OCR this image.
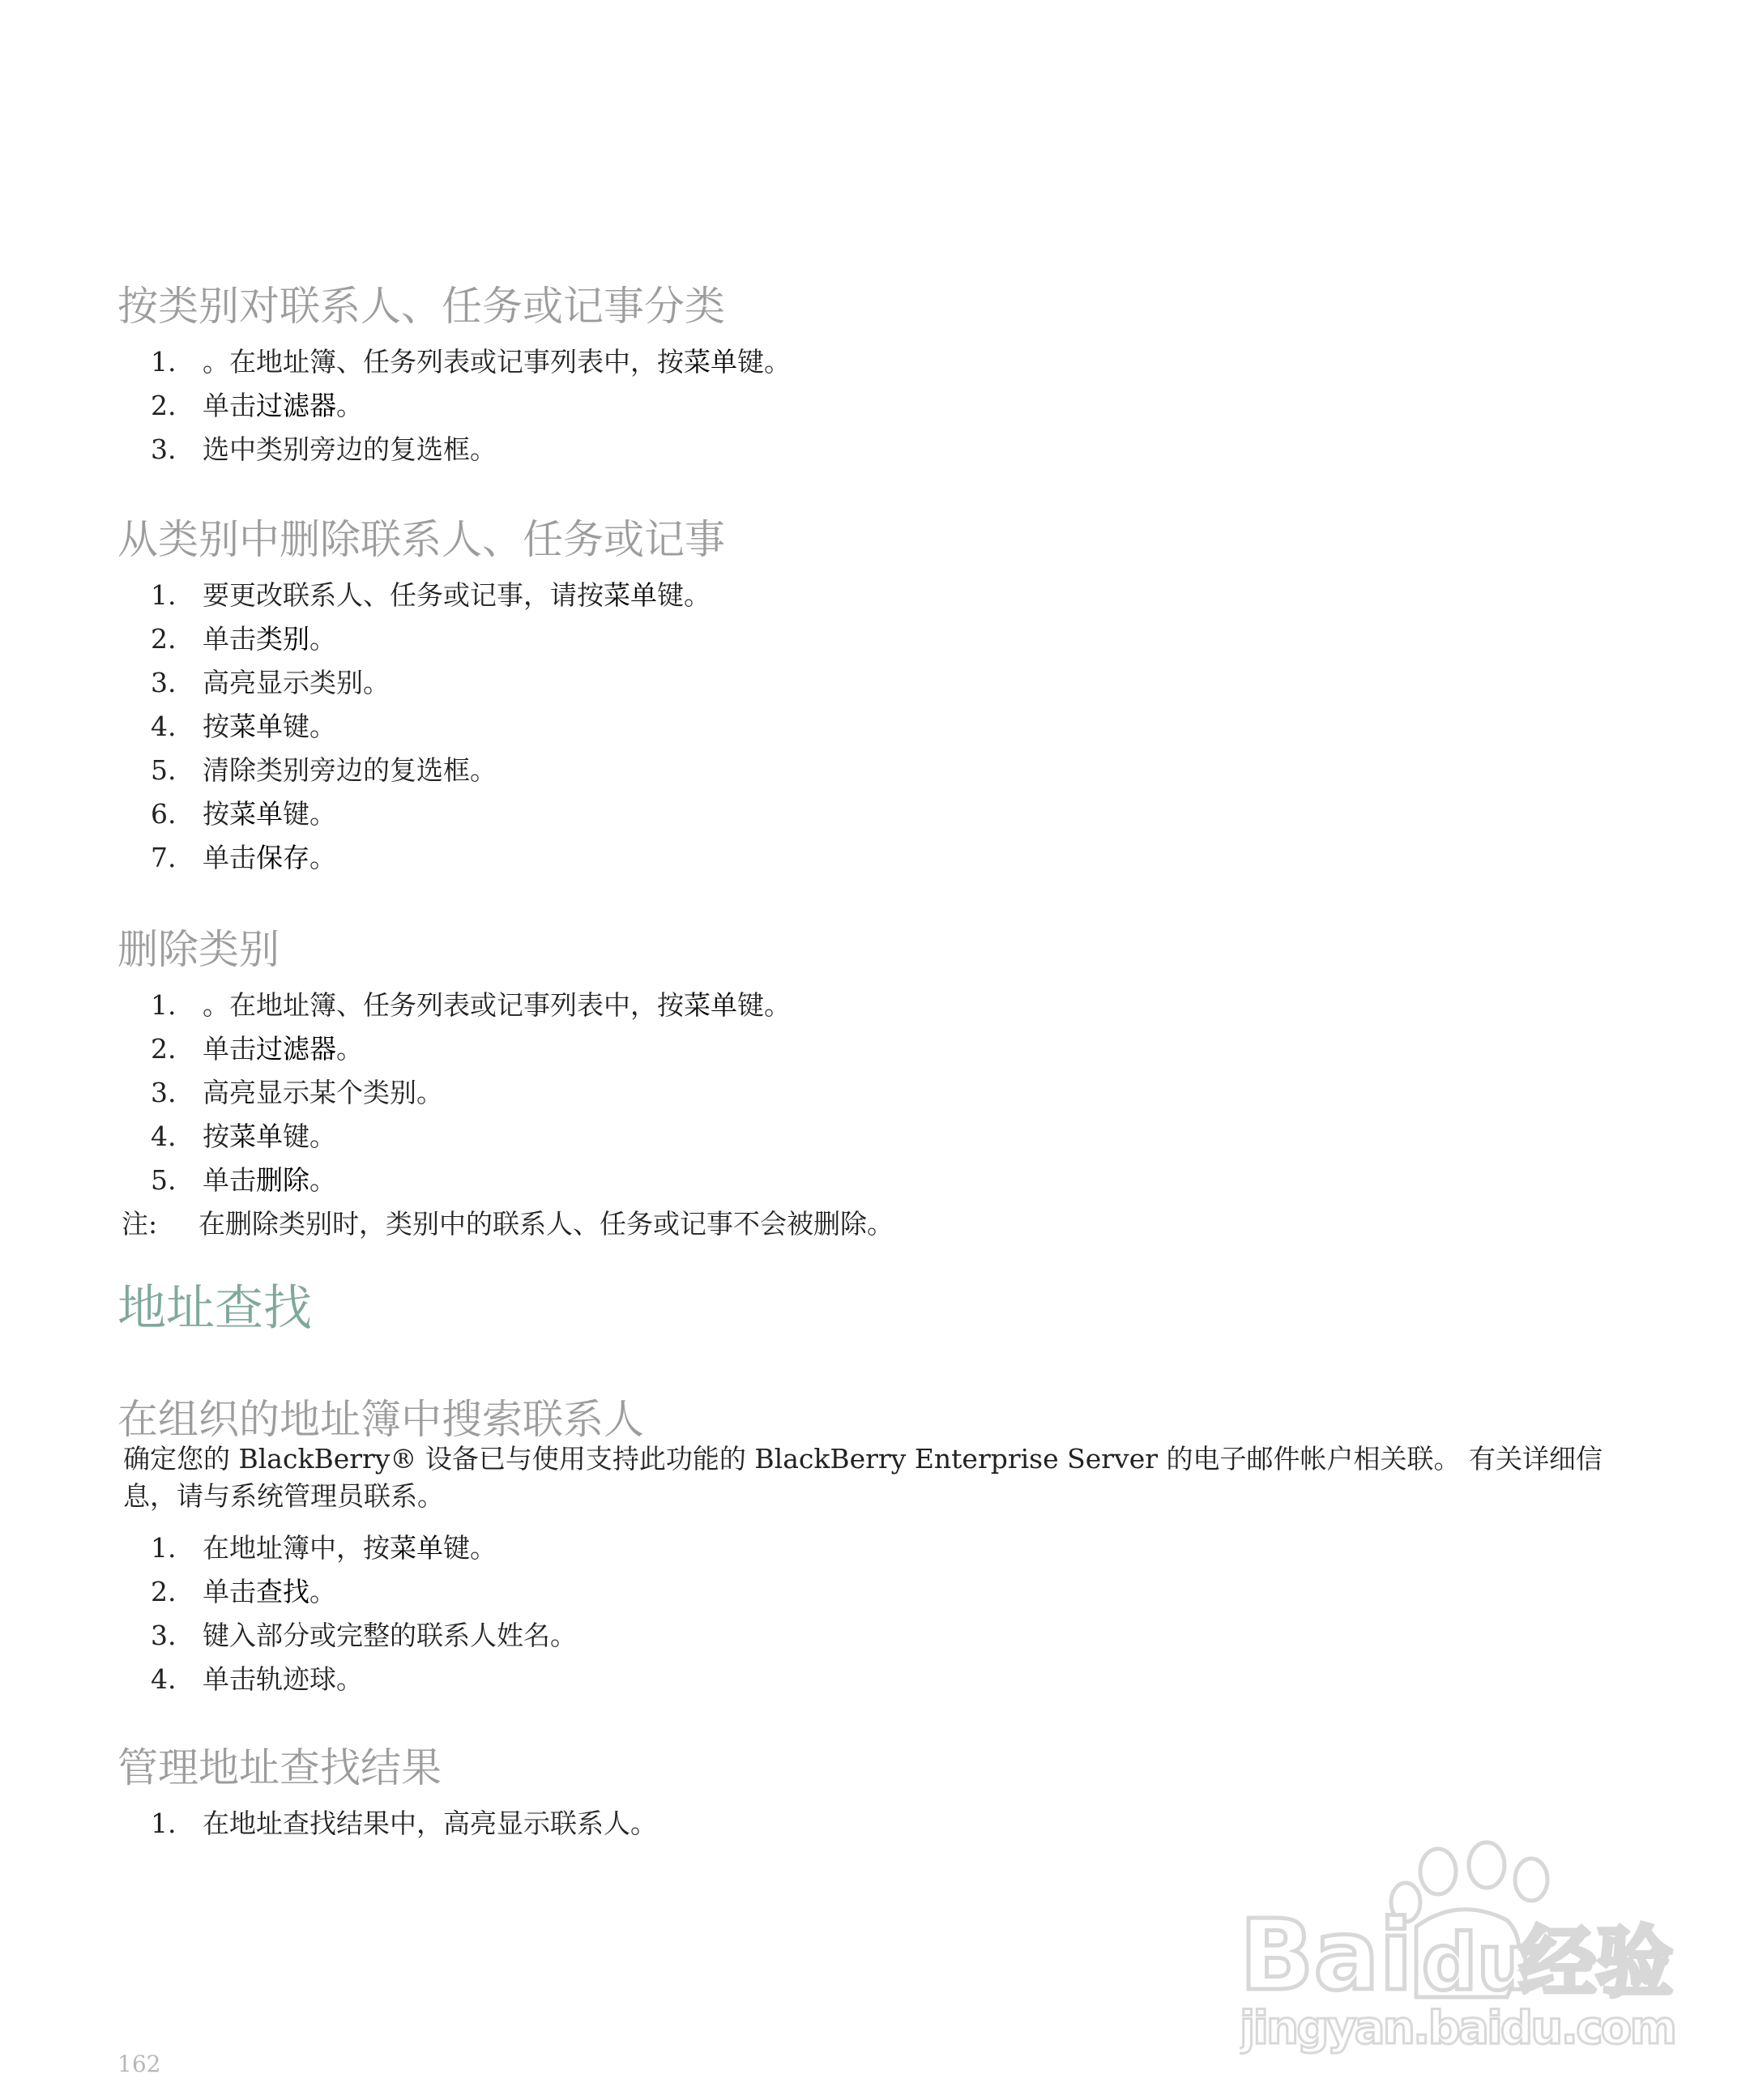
按类别对联系人、任务或记事分类
1. 。在地址簿、任务列表或记事列表中，按菜单键。
2. 单击过滤器。
3. 选中类别旁边的复选框。
从类别中删除联系人、任务或记事
1. 要更改联系人、任务或记事，请按菜单键。
2. 单击类别。
3. 高亮显示类别。
4. 按菜单键。
5. 清除类别旁边的复选框。
6. 按菜单键。
7. 单击保存。
删除类别
1. 。在地址簿、任务列表或记事列表中，按菜单键。
2. 单击过滤器。
3. 高亮显示某个类别。
4. 按菜单键。
5. 单击删除。
注: 在删除类别时，类别中的联系人、任务或记事不会被删除。
地址查找
在组织的地址簿中搜索联系人

确定您的 BlackBerry® 设备已与使用支持此功能的 BlackBerry Enterprise Server 的电子邮件帐户相关联。 有关详细信息，请与系统管理员联系。

1. 在地址簿中，按菜单键。
2. 单击查找。
3. 键入部分或完整的联系人姓名。
4. 单击轨迹球。
管理地址查找结果
1. 在地址查找结果中，高亮显示联系人。
Bai du
经验
jingyan.baidu.com
162
